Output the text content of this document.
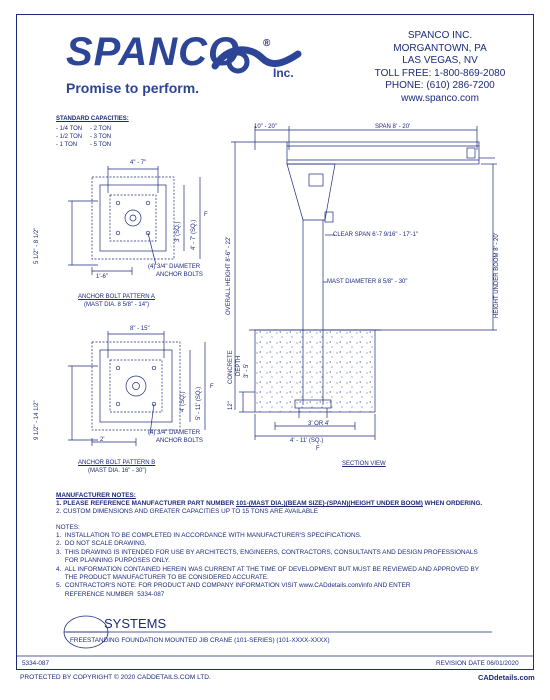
SPANCO ®
Inc.
Promise to perform.
SPANCO INC.
MORGANTOWN, PA
LAS VEGAS, NV
TOLL FREE: 1-800-869-2080
PHONE: (610) 286-7200
www.spanco.com
STANDARD CAPACITIES:
- 1/4 TON - 2 TON
- 1/2 TON - 3 TON
- 1 TON - 5 TON
4" - 7"
5 1/2" - 8 1/2"
1'-6"
3' (SQ.) 4' - 7' (SQ.)
F
(4) 3/4" DIAMETER
ANCHOR BOLTS
ANCHOR BOLT PATTERN A
(MAST DIA. 8 5/8" - 14")
8" - 15"
9 1/2" - 14 1/2"	2'
4' (SQ.) 5' - 11' (SQ.) F
(4) 3/4" DIAMETER
ANCHOR BOLTS
ANCHOR BOLT PATTERN B
(MAST DIA. 16" - 30")
10" - 20"	SPAN 8' - 20'
OVERALL HEIGHT 8'-6" - 22'	HEIGHT UNDER BOOM 8' - 20'
CLEAR SPAN 6'-7 9/16" - 17'-1"
MAST DIAMETER 8 5/8" - 30"
CONCRETE DEPTH 3' - 5'
12"
3' OR 4'
4' - 11' (SQ.)
F
SECTION VIEW
MANUFACTURER NOTES:
1. PLEASE REFERENCE MANUFACTURER PART NUMBER 101-(MAST DIA.)(BEAM SIZE)-(SPAN)(HEIGHT UNDER BOOM) WHEN ORDERING.
2. CUSTOM DIMENSIONS AND GREATER CAPACITIES UP TO 15 TONS ARE AVAILABLE
NOTES:
1.  INSTALLATION TO BE COMPLETED IN ACCORDANCE WITH MANUFACTURER'S SPECIFICATIONS.
2.  DO NOT SCALE DRAWING.
3.  THIS DRAWING IS INTENDED FOR USE BY ARCHITECTS, ENGINEERS, CONTRACTORS, CONSULTANTS AND DESIGN PROFESSIONALS
FOR PLANNING PURPOSES ONLY.
4.  ALL INFORMATION CONTAINED HEREIN WAS CURRENT AT THE TIME OF DEVELOPMENT BUT MUST BE REVIEWED AND APPROVED BY
THE PRODUCT MANUFACTURER TO BE CONSIDERED ACCURATE.
5.  CONTRACTOR'S NOTE: FOR PRODUCT AND COMPANY INFORMATION VISIT www.CADdetails.com/info AND ENTER
REFERENCE NUMBER  5334-087
SYSTEMS
FREESTANDING FOUNDATION MOUNTED JIB CRANE (101-SERIES) (101-XXXX-XXXX)
5334-087	REVISION DATE 06/01/2020
PROTECTED BY COPYRIGHT © 2020 CADDETAILS.COM LTD.	CADdetails.com
